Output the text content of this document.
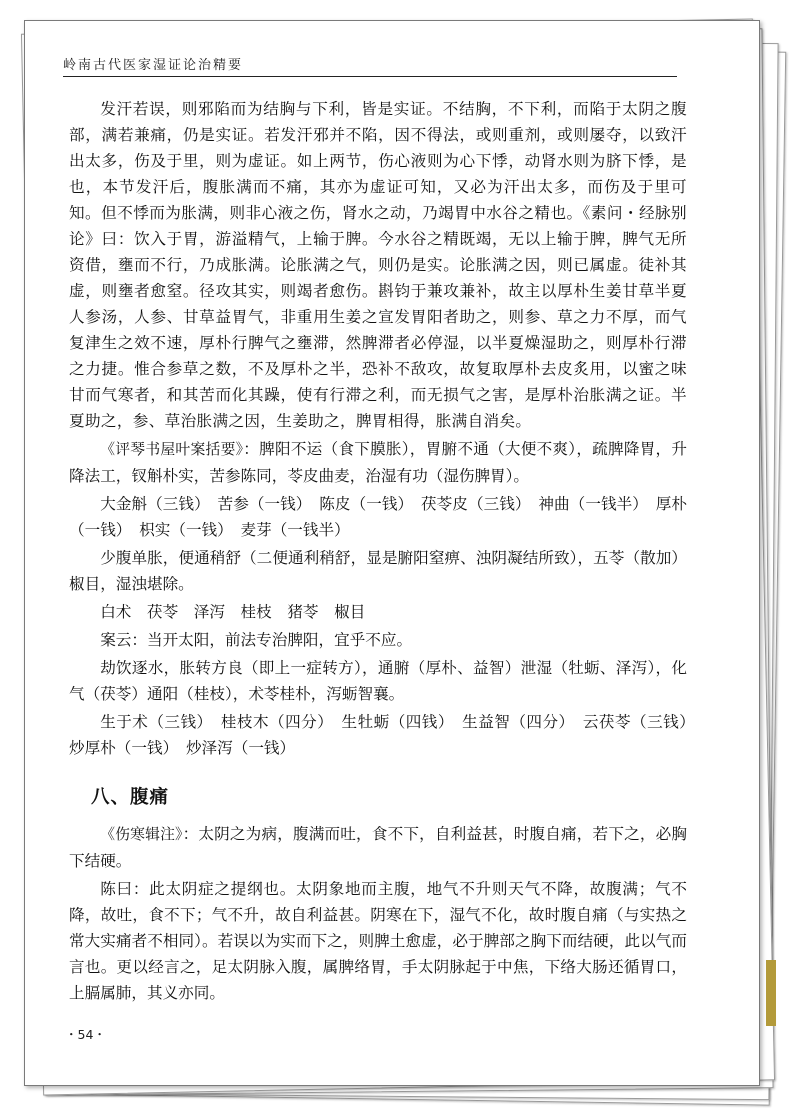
岭南古代医家湿证论治精要

发汗若误，则邪陷而为结胸与下利，皆是实证。不结胸，不下利，而陷于太阴之腹部，满若兼痛，仍是实证。若发汗邪并不陷，因不得法，或则重剂，或则屡夺，以致汗出太多，伤及于里，则为虚证。如上两节，伤心液则为心下悸，动肾水则为脐下悸，是也，本节发汗后，腹胀满而不痛，其亦为虚证可知，又必为汗出太多，而伤及于里可知。但不悸而为胀满，则非心液之伤，肾水之动，乃竭胃中水谷之精也。《素问・经脉别论》曰：饮入于胃，游溢精气，上输于脾。今水谷之精既竭，无以上输于脾，脾气无所资借，壅而不行，乃成胀满。论胀满之气，则仍是实。论胀满之因，则已属虚。徒补其虚，则壅者愈窒。径攻其实，则竭者愈伤。斟钧于兼攻兼补，故主以厚朴生姜甘草半夏人参汤，人参、甘草益胃气，非重用生姜之宣发胃阳者助之，则参、草之力不厚，而气复津生之效不速，厚朴行脾气之壅滞，然脾滞者必停湿，以半夏燥湿助之，则厚朴行滞之力捷。惟合参草之数，不及厚朴之半，恐补不敌攻，故复取厚朴去皮炙用，以蜜之味甘而气寒者，和其苦而化其躁，使有行滞之利，而无损气之害，是厚朴治胀满之证。半夏助之，参、草治胀满之因，生姜助之，脾胃相得，胀满自消矣。

《评琴书屋叶案括要》：脾阳不运（食下膜胀），胃腑不通（大便不爽），疏脾降胃，升降法工，钗斛朴实，苦参陈同，苓皮曲麦，治湿有功（湿伤脾胃）。

大金斛（三钱）　苦参（一钱）　陈皮（一钱）　茯苓皮（三钱）　神曲（一钱半）　厚朴（一钱）　枳实（一钱）　麦芽（一钱半）

少腹单胀，便通稍舒（二便通利稍舒，显是腑阳窒痹、浊阴凝结所致），五苓（散加）椒目，湿浊堪除。

白术　茯苓　泽泻　桂枝　猪苓　椒目

案云：当开太阳，前法专治脾阳，宜乎不应。

劫饮逐水，胀转方良（即上一症转方），通腑（厚朴、益智）泄湿（牡蛎、泽泻），化气（茯苓）通阳（桂枝），术苓桂朴，泻蛎智襄。

生于术（三钱）　桂枝木（四分）　生牡蛎（四钱）　生益智（四分）　云茯苓（三钱）　炒厚朴（一钱）　炒泽泻（一钱）

八、腹痛

《伤寒辑注》：太阴之为病，腹满而吐，食不下，自利益甚，时腹自痛，若下之，必胸下结硬。

陈曰：此太阴症之提纲也。太阴象地而主腹，地气不升则天气不降，故腹满；气不降，故吐，食不下；气不升，故自利益甚。阴寒在下，湿气不化，故时腹自痛（与实热之常大实痛者不相同）。若误以为实而下之，则脾土愈虚，必于脾部之胸下而结硬，此以气而言也。更以经言之，足太阴脉入腹，属脾络胃，手太阴脉起于中焦，下络大肠还循胃口，上膈属肺，其义亦同。

・54・
